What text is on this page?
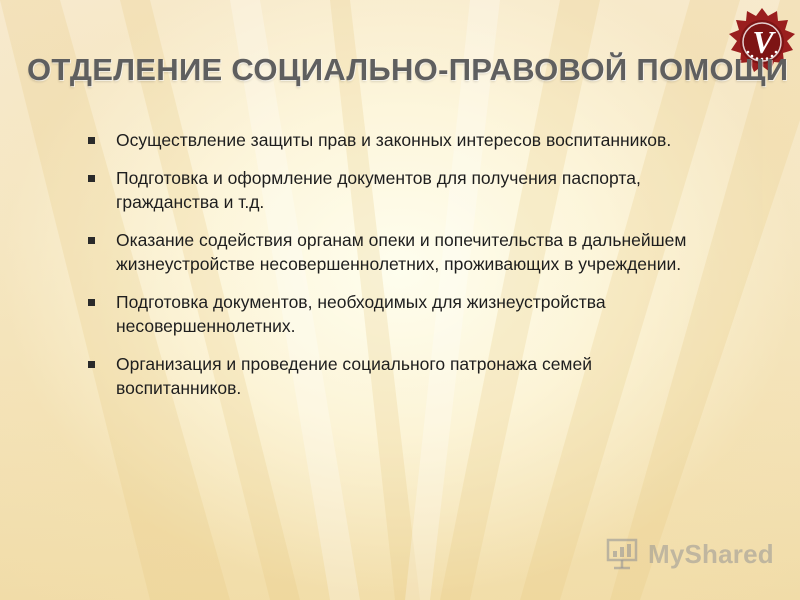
V
ОТДЕЛЕНИЕ СОЦИАЛЬНО-ПРАВОВОЙ ПОМОЩИ
Осуществление защиты прав и законных интересов воспитанников.
Подготовка и оформление документов для получения паспорта, гражданства и т.д.
Оказание содействия органам опеки и попечительства в дальнейшем жизнеустройстве несовершеннолетних, проживающих в учреждении.
Подготовка документов, необходимых для жизнеустройства несовершеннолетних.
Организация и проведение социального патронажа семей воспитанников.
MyShared
